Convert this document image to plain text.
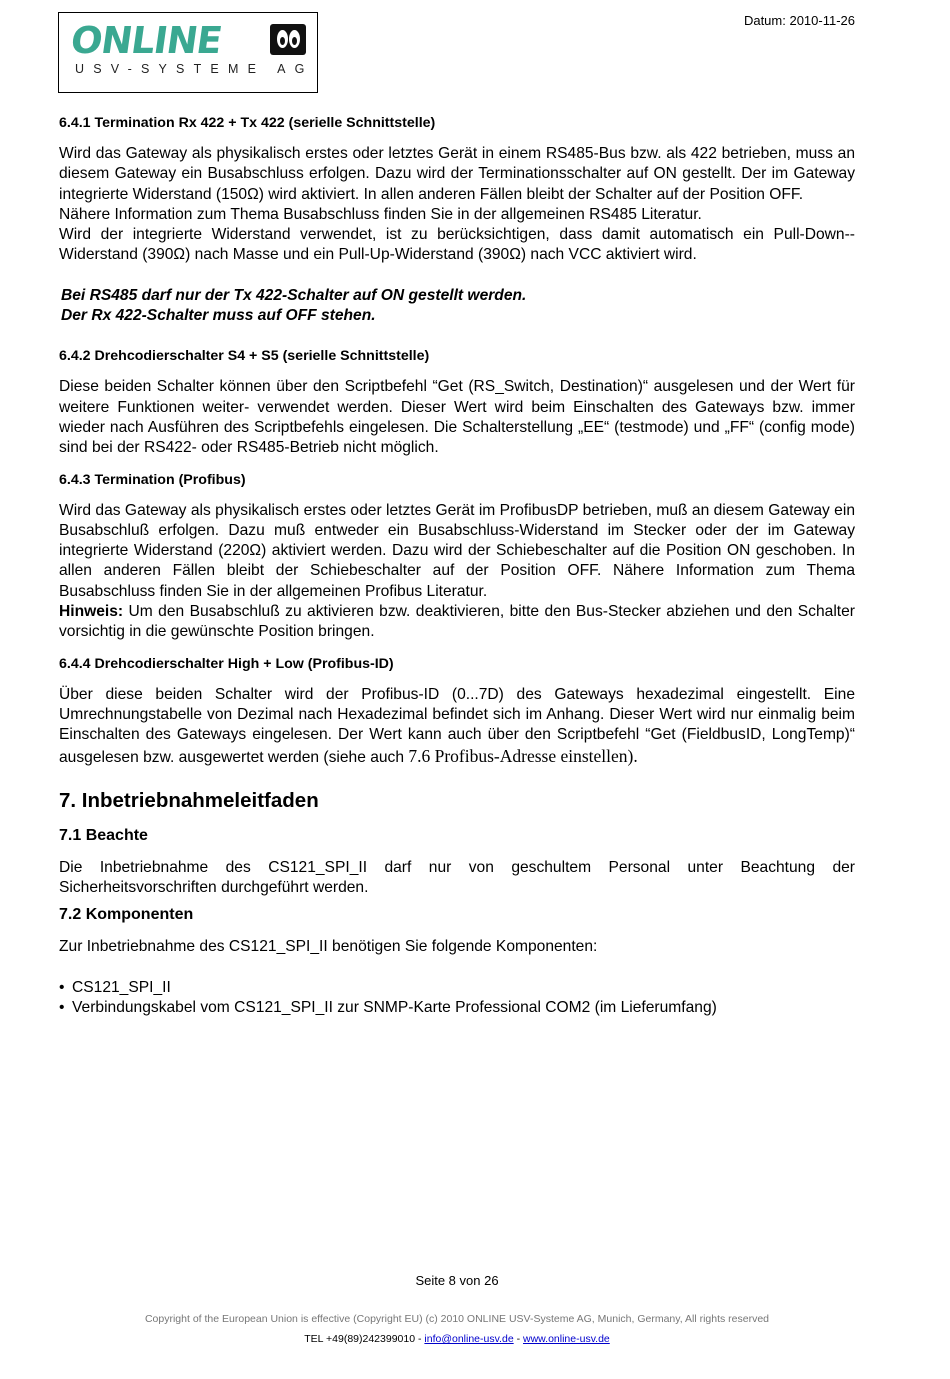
ONLINE
USV-SYSTEME AG
Datum: 2010-11-26
6.4.1 Termination Rx 422 + Tx 422 (serielle Schnittstelle)

Wird das Gateway als physikalisch erstes oder letztes Gerät in einem RS485-Bus bzw. als 422 betrieben, muss an diesem Gateway ein Busabschluss erfolgen. Dazu wird der Terminationsschalter auf ON gestellt. Der im Gateway integrierte Widerstand (150Ω) wird aktiviert. In allen anderen Fällen bleibt der Schalter auf der Position OFF.

Nähere Information zum Thema Busabschluss finden Sie in der allgemeinen RS485 Literatur.

Wird der integrierte Widerstand verwendet, ist zu berücksichtigen, dass damit automatisch ein Pull-Down--Widerstand (390Ω) nach Masse und ein Pull-Up-Widerstand (390Ω) nach VCC aktiviert wird.

Bei RS485 darf nur der Tx 422-Schalter auf ON gestellt werden.
Der Rx 422-Schalter muss auf OFF stehen.
6.4.2 Drehcodierschalter S4 + S5 (serielle Schnittstelle)

Diese beiden Schalter können über den Scriptbefehl “Get (RS_Switch, Destination)“ ausgelesen und der Wert für weitere Funktionen weiter- verwendet werden. Dieser Wert wird beim Einschalten des Gateways bzw. immer wieder nach Ausführen des Scriptbefehls eingelesen. Die Schalterstellung „EE“ (testmode) und „FF“ (config mode) sind bei der RS422- oder RS485-Betrieb nicht möglich.

6.4.3 Termination (Profibus)

Wird das Gateway als physikalisch erstes oder letztes Gerät im ProfibusDP betrieben, muß an diesem Gateway ein Busabschluß erfolgen. Dazu muß entweder ein Busabschluss-Widerstand im Stecker oder der im Gateway integrierte Widerstand (220Ω) aktiviert werden. Dazu wird der Schiebeschalter auf die Position ON geschoben. In allen anderen Fällen bleibt der Schiebeschalter auf der Position OFF. Nähere Information zum Thema Busabschluss finden Sie in der allgemeinen Profibus Literatur.

Hinweis: Um den Busabschluß zu aktivieren bzw. deaktivieren, bitte den Bus-Stecker abziehen und den Schalter vorsichtig in die gewünschte Position bringen.

6.4.4 Drehcodierschalter High + Low (Profibus-ID)

Über diese beiden Schalter wird der Profibus-ID (0...7D) des Gateways hexadezimal eingestellt. Eine Umrechnungstabelle von Dezimal nach Hexadezimal befindet sich im Anhang. Dieser Wert wird nur einmalig beim Einschalten des Gateways eingelesen. Der Wert kann auch über den Scriptbefehl “Get (FieldbusID, LongTemp)“ ausgelesen bzw. ausgewertet werden (siehe auch 7.6 Profibus-Adresse einstellen).

7. Inbetriebnahmeleitfaden
7.1 Beachte

Die Inbetriebnahme des CS121_SPI_II darf nur von geschultem Personal unter Beachtung der Sicherheitsvorschriften durchgeführt werden.

7.2 Komponenten

Zur Inbetriebnahme des CS121_SPI_II benötigen Sie folgende Komponenten:

• CS121_SPI_II
• Verbindungskabel vom CS121_SPI_II zur SNMP-Karte Professional COM2 (im Lieferumfang)
Seite 8 von 26
Copyright of the European Union is effective (Copyright EU) (c) 2010 ONLINE USV-Systeme AG, Munich, Germany, All rights reserved
TEL +49(89)242399010 - info@online-usv.de - www.online-usv.de
